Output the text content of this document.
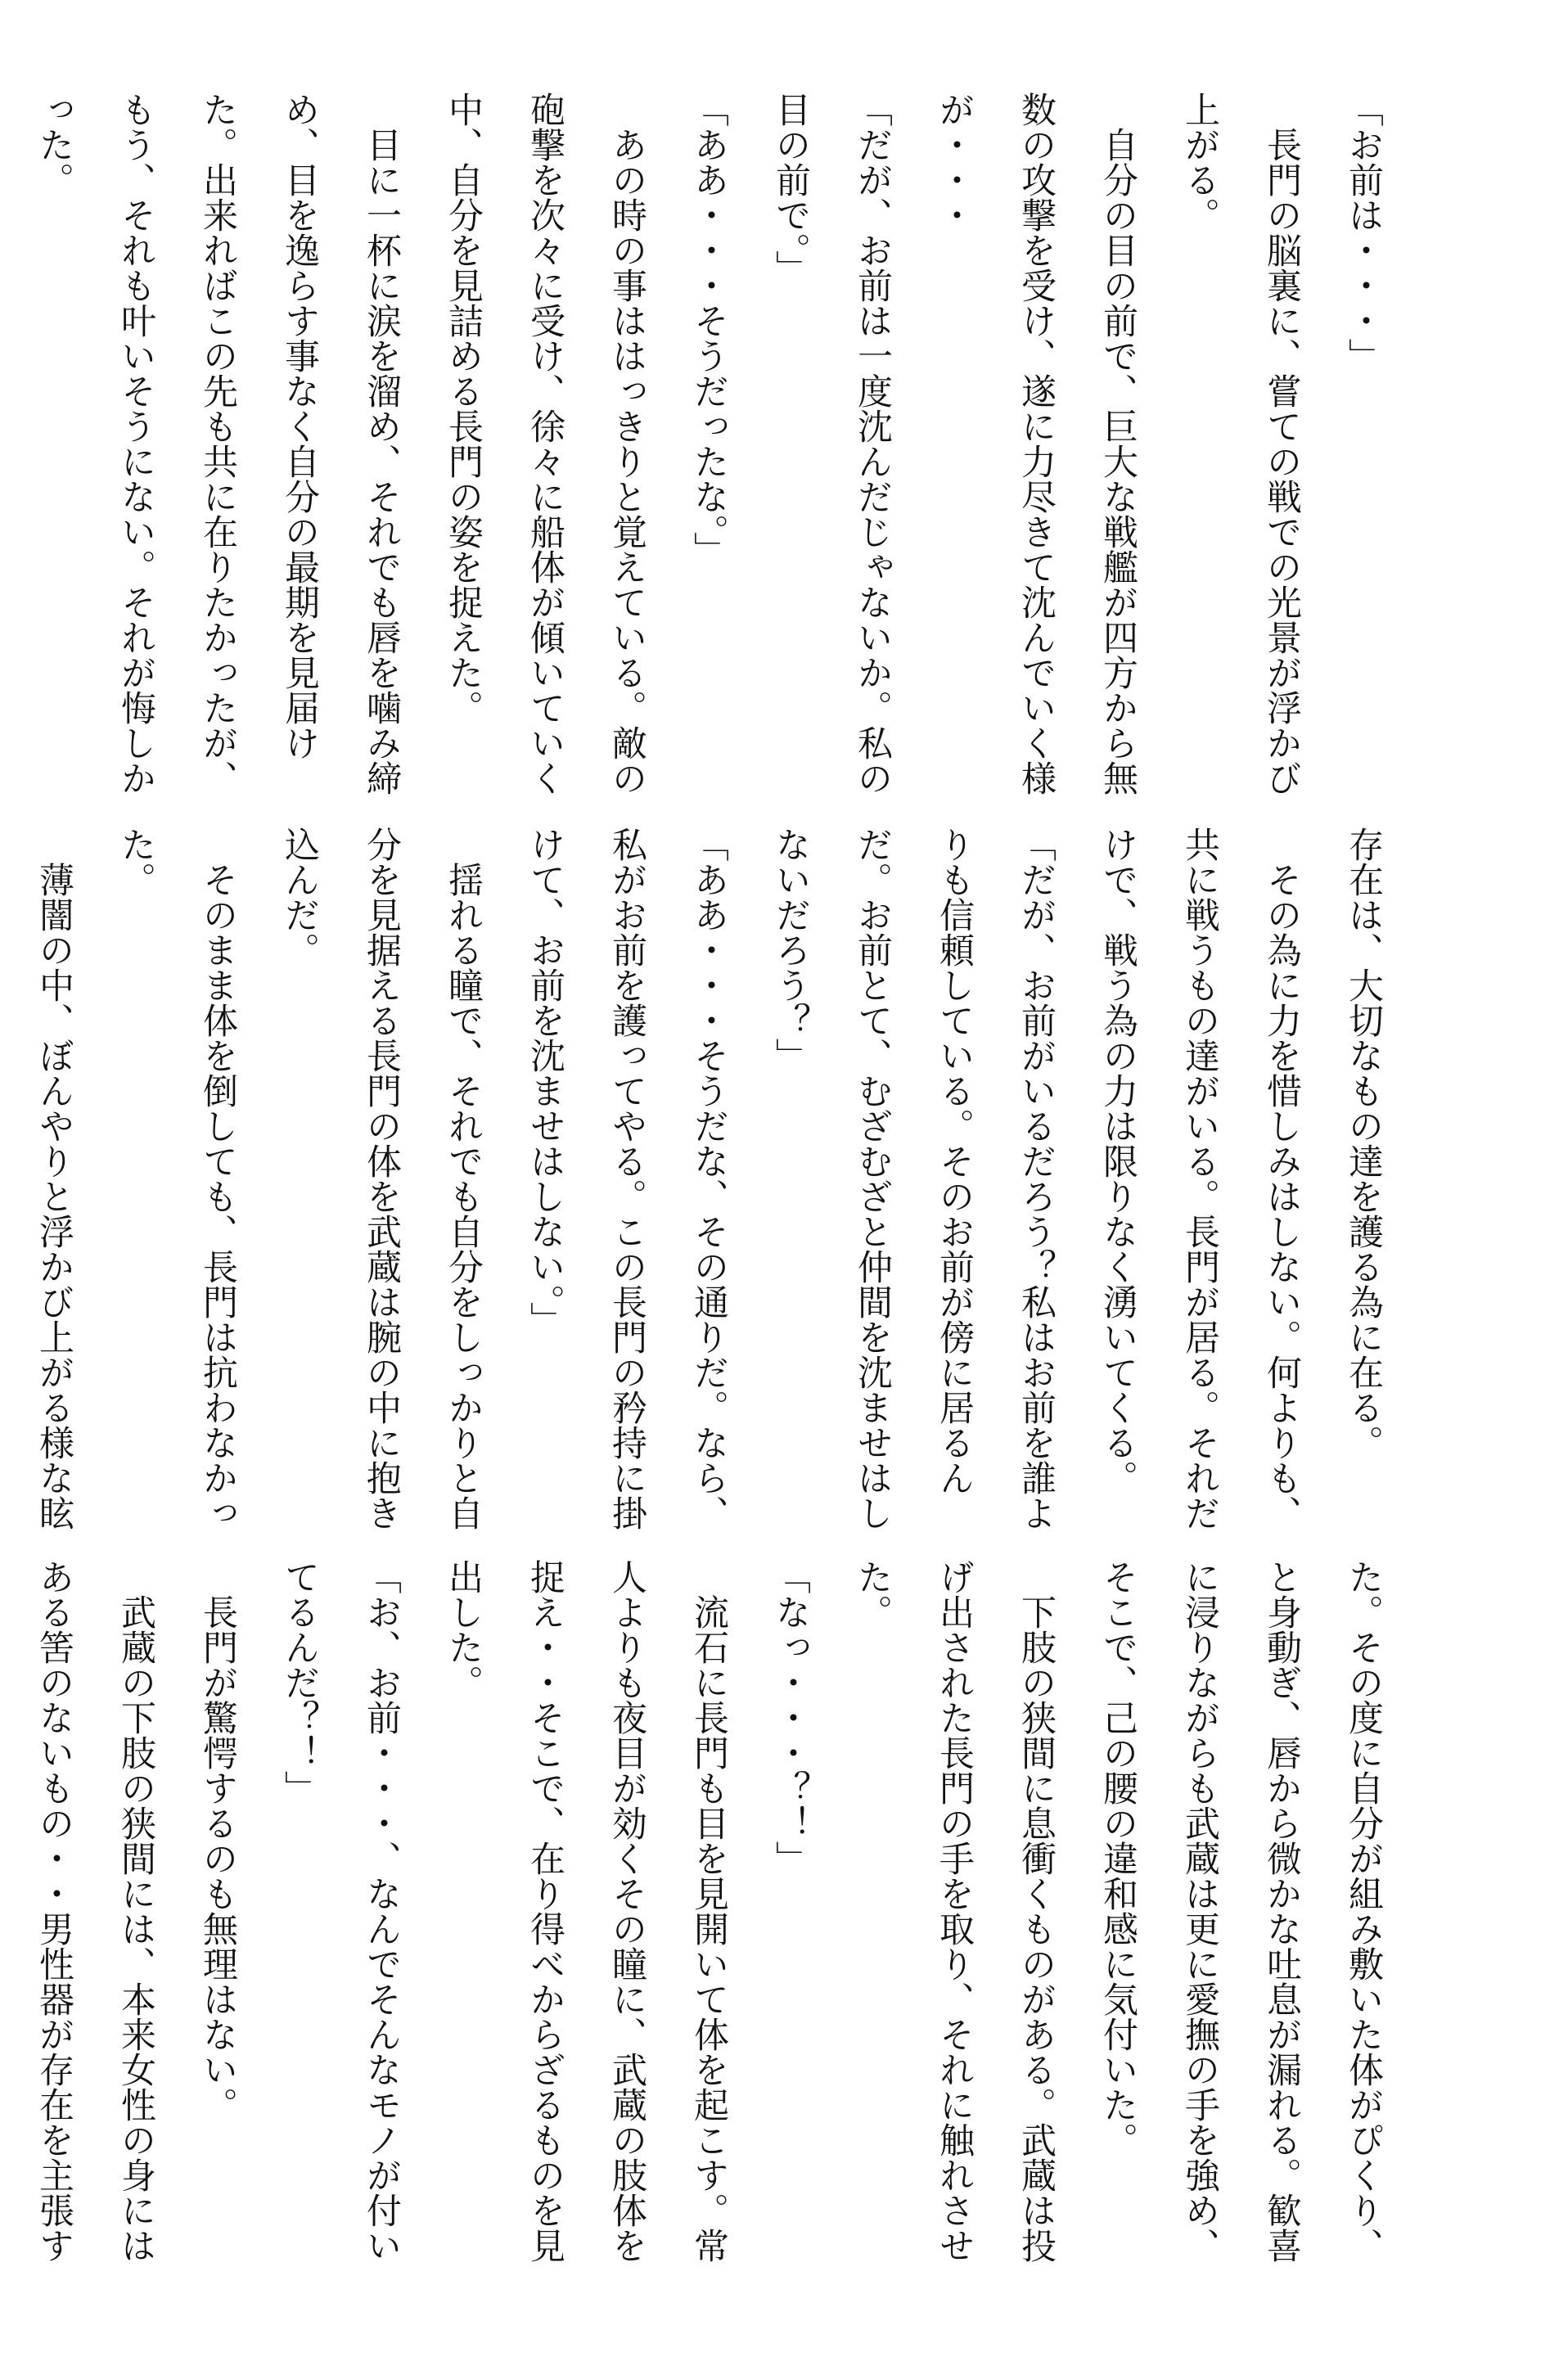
「お前は・・・」

長門の脳裏に、嘗ての戦での光景が浮かび上がる。

自分の目の前で、巨大な戦艦が四方から無数の攻撃を受け、遂に力尽きて沈んでいく様が・・・

「だが、お前は一度沈んだじゃないか。私の目の前で。」

「ああ・・・そうだったな。」

あの時の事ははっきりと覚えている。敵の砲撃を次々に受け、徐々に船体が傾いていく中、自分を見詰める長門の姿を捉えた。

目に一杯に涙を溜め、それでも唇を噛み締め、目を逸らす事なく自分の最期を見届けた。出来ればこの先も共に在りたかったが、もう、それも叶いそうにない。それが悔しかった。

存在は、大切なもの達を護る為に在る。

その為に力を惜しみはしない。何よりも、共に戦うもの達がいる。長門が居る。それだけで、戦う為の力は限りなく湧いてくる。

「だが、お前がいるだろう？私はお前を誰よりも信頼している。そのお前が傍に居るんだ。お前とて、むざむざと仲間を沈ませはしないだろう？」

「ああ・・・そうだな、その通りだ。なら、私がお前を護ってやる。この長門の矜持に掛けて、お前を沈ませはしない。」

揺れる瞳で、それでも自分をしっかりと自分を見据える長門の体を武蔵は腕の中に抱き込んだ。

そのまま体を倒しても、長門は抗わなかった。

薄闇の中、ぼんやりと浮かび上がる様な眩

た。その度に自分が組み敷いた体がぴくり、と身動ぎ、唇から微かな吐息が漏れる。歓喜に浸りながらも武蔵は更に愛撫の手を強め、そこで、己の腰の違和感に気付いた。

下肢の狭間に息衝くものがある。武蔵は投げ出された長門の手を取り、それに触れさせた。

「なっ・・・？！」

流石に長門も目を見開いて体を起こす。常人よりも夜目が効くその瞳に、武蔵の肢体を捉え・・そこで、在り得べからざるものを見出した。

「お、お前・・・、なんでそんなモノが付いてるんだ？！」

長門が驚愕するのも無理はない。

武蔵の下肢の狭間には、本来女性の身にはある筈のないもの・・男性器が存在を主張す
